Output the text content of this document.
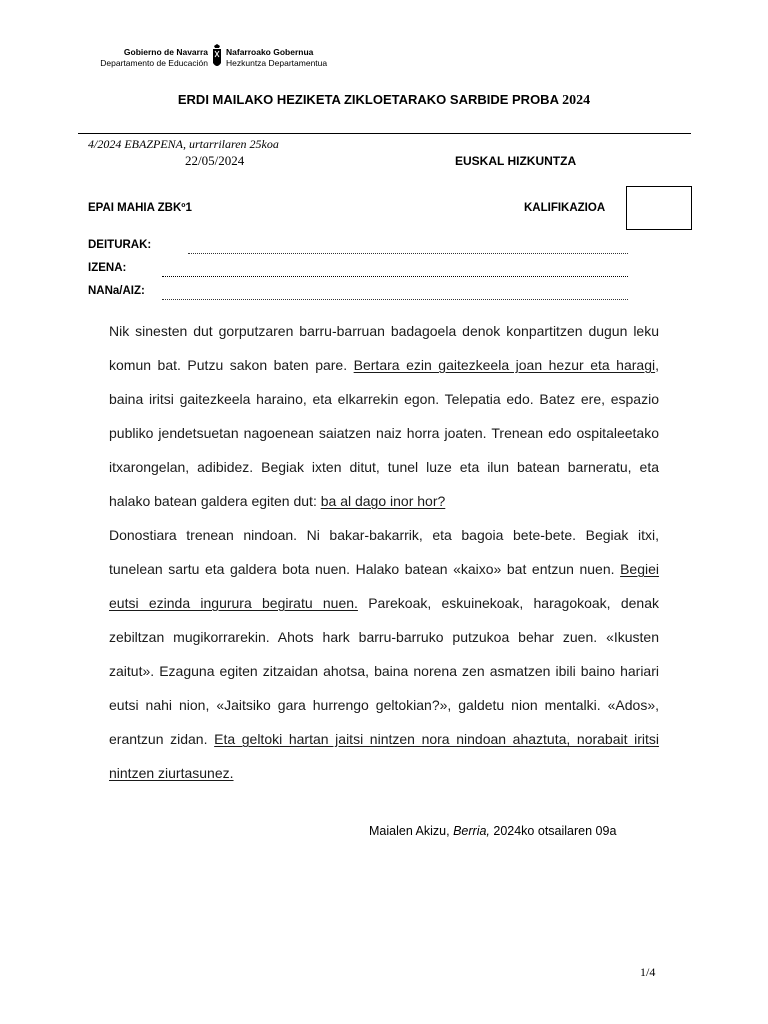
Gobierno de Navarra
Departamento de Educación
Nafarroako Gobernua
Hezkuntza Departamentua
ERDI MAILAKO HEZIKETA ZIKLOETARAKO SARBIDE PROBA 2024
4/2024 EBAZPENA, urtarrilaren 25koa
22/05/2024	EUSKAL HIZKUNTZA
EPAI MAHIA ZBKº1	KALIFIKAZIOA
DEITURAK:
IZENA:
NANa/AIZ:

Nik sinesten dut gorputzaren barru-barruan badagoela denok konpartitzen dugun leku komun bat. Putzu sakon baten pare. Bertara ezin gaitezkeela joan hezur eta haragi, baina iritsi gaitezkeela haraino, eta elkarrekin egon. Telepatia edo. Batez ere, espazio publiko jendetsuetan nagoenean saiatzen naiz horra joaten. Trenean edo ospitaleetako itxarongelan, adibidez. Begiak ixten ditut, tunel luze eta ilun batean barneratu, eta halako batean galdera egiten dut: ba al dago inor hor?

Donostiara trenean nindoan. Ni bakar-bakarrik, eta bagoia bete-bete. Begiak itxi, tunelean sartu eta galdera bota nuen. Halako batean «kaixo» bat entzun nuen. Begiei eutsi ezinda ingurura begiratu nuen. Parekoak, eskuinekoak, haragokoak, denak zebiltzan mugikorrarekin. Ahots hark barru-barruko putzukoa behar zuen. «Ikusten zaitut». Ezaguna egiten zitzaidan ahotsa, baina norena zen asmatzen ibili baino hariari eutsi nahi nion, «Jaitsiko gara hurrengo geltokian?», galdetu nion mentalki. «Ados», erantzun zidan. Eta geltoki hartan jaitsi nintzen nora nindoan ahaztuta, norabait iritsi nintzen ziurtasunez.

Maialen Akizu, Berria, 2024ko otsailaren 09a
1/4
